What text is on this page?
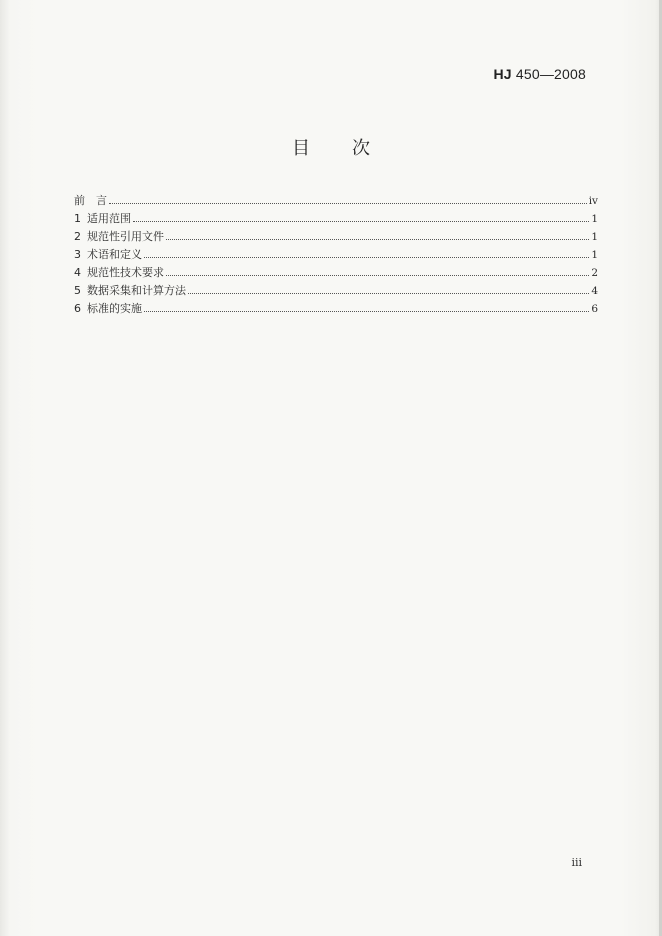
HJ 450—2008
目 次
前　言	iv
1 适用范围	1
2 规范性引用文件	1
3 术语和定义	1
4 规范性技术要求	2
5 数据采集和计算方法	4
6 标准的实施	6
iii
